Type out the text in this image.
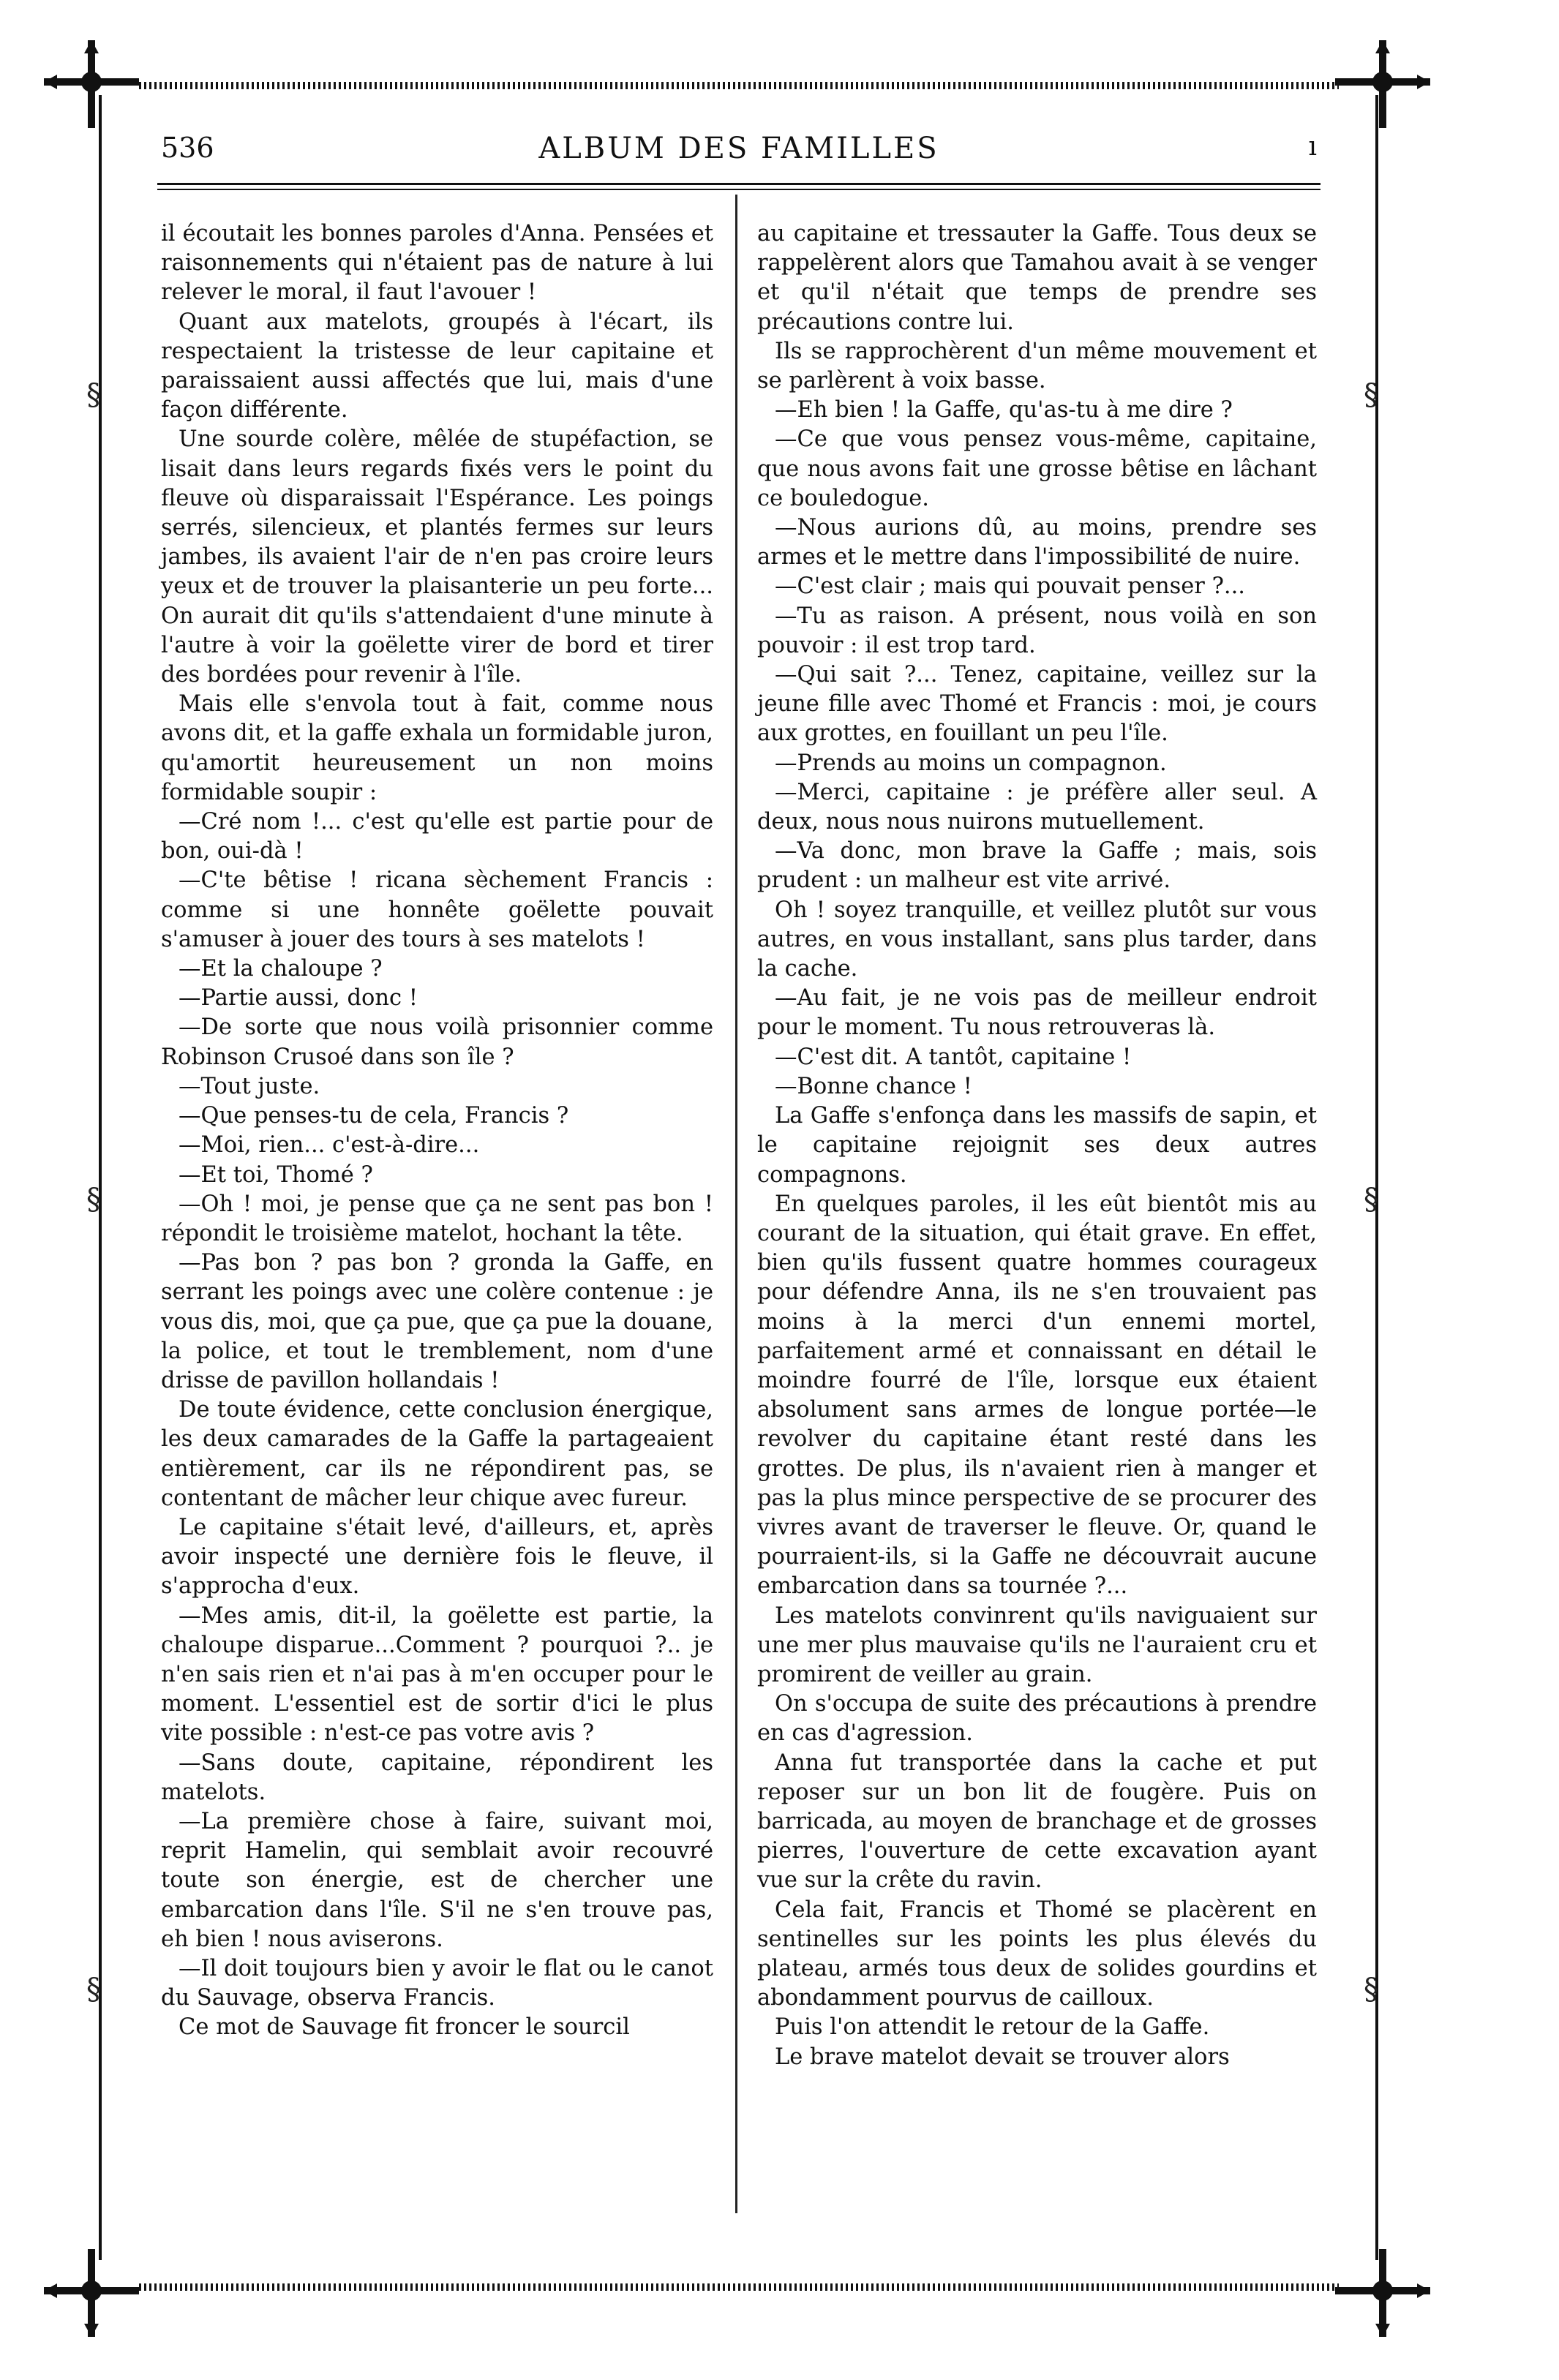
§
§
§
§
§
§
536	ALBUM DES FAMILLES	ı

il écoutait les bonnes paroles d'Anna. Pensées et raisonnements qui n'étaient pas de nature à lui relever le moral, il faut l'avouer !

Quant aux matelots, groupés à l'écart, ils respectaient la tristesse de leur capitaine et paraissaient aussi affectés que lui, mais d'une façon différente.

Une sourde colère, mêlée de stupéfaction, se lisait dans leurs regards fixés vers le point du fleuve où disparaissait l'Espérance. Les poings serrés, silencieux, et plantés fermes sur leurs jambes, ils avaient l'air de n'en pas croire leurs yeux et de trouver la plaisanterie un peu forte... On aurait dit qu'ils s'attendaient d'une minute à l'autre à voir la goëlette virer de bord et tirer des bordées pour revenir à l'île.

Mais elle s'envola tout à fait, comme nous avons dit, et la gaffe exhala un formidable juron, qu'amortit heureusement un non moins formidable soupir :

—Cré nom !... c'est qu'elle est partie pour de bon, oui-dà !

—C'te bêtise ! ricana sèchement Francis : comme si une honnête goëlette pouvait s'amuser à jouer des tours à ses matelots !

—Et la chaloupe ?

—Partie aussi, donc !

—De sorte que nous voilà prisonnier comme Robinson Crusoé dans son île ?

—Tout juste.

—Que penses-tu de cela, Francis ?

—Moi, rien... c'est-à-dire...

—Et toi, Thomé ?

—Oh ! moi, je pense que ça ne sent pas bon ! répondit le troisième matelot, hochant la tête.

—Pas bon ? pas bon ? gronda la Gaffe, en serrant les poings avec une colère contenue : je vous dis, moi, que ça pue, que ça pue la douane, la police, et tout le tremblement, nom d'une drisse de pavillon hollandais !

De toute évidence, cette conclusion énergique, les deux camarades de la Gaffe la partageaient entièrement, car ils ne répondirent pas, se contentant de mâcher leur chique avec fureur.

Le capitaine s'était levé, d'ailleurs, et, après avoir inspecté une dernière fois le fleuve, il s'approcha d'eux.

—Mes amis, dit-il, la goëlette est partie, la chaloupe disparue...Comment ? pourquoi ?.. je n'en sais rien et n'ai pas à m'en occuper pour le moment. L'essentiel est de sortir d'ici le plus vite possible : n'est-ce pas votre avis ?

—Sans doute, capitaine, répondirent les matelots.

—La première chose à faire, suivant moi, reprit Hamelin, qui semblait avoir recouvré toute son énergie, est de chercher une embarcation dans l'île. S'il ne s'en trouve pas, eh bien ! nous aviserons.

—Il doit toujours bien y avoir le flat ou le canot du Sauvage, observa Francis.

Ce mot de Sauvage fit froncer le sourcil

au capitaine et tressauter la Gaffe. Tous deux se rappelèrent alors que Tamahou avait à se venger et qu'il n'était que temps de prendre ses précautions contre lui.

Ils se rapprochèrent d'un même mouvement et se parlèrent à voix basse.

—Eh bien ! la Gaffe, qu'as-tu à me dire ?

—Ce que vous pensez vous-même, capitaine, que nous avons fait une grosse bêtise en lâchant ce bouledogue.

—Nous aurions dû, au moins, prendre ses armes et le mettre dans l'impossibilité de nuire.

—C'est clair ; mais qui pouvait penser ?...

—Tu as raison. A présent, nous voilà en son pouvoir : il est trop tard.

—Qui sait ?... Tenez, capitaine, veillez sur la jeune fille avec Thomé et Francis : moi, je cours aux grottes, en fouillant un peu l'île.

—Prends au moins un compagnon.

—Merci, capitaine : je préfère aller seul. A deux, nous nous nuirons mutuellement.

—Va donc, mon brave la Gaffe ; mais, sois prudent : un malheur est vite arrivé.

Oh ! soyez tranquille, et veillez plutôt sur vous autres, en vous installant, sans plus tarder, dans la cache.

—Au fait, je ne vois pas de meilleur endroit pour le moment. Tu nous retrouveras là.

—C'est dit. A tantôt, capitaine !

—Bonne chance !

La Gaffe s'enfonça dans les massifs de sapin, et le capitaine rejoignit ses deux autres compagnons.

En quelques paroles, il les eût bientôt mis au courant de la situation, qui était grave. En effet, bien qu'ils fussent quatre hommes courageux pour défendre Anna, ils ne s'en trouvaient pas moins à la merci d'un ennemi mortel, parfaitement armé et connaissant en détail le moindre fourré de l'île, lorsque eux étaient absolument sans armes de longue portée—le revolver du capitaine étant resté dans les grottes. De plus, ils n'avaient rien à manger et pas la plus mince perspective de se procurer des vivres avant de traverser le fleuve. Or, quand le pourraient-ils, si la Gaffe ne découvrait aucune embarcation dans sa tournée ?...

Les matelots convinrent qu'ils naviguaient sur une mer plus mauvaise qu'ils ne l'auraient cru et promirent de veiller au grain.

On s'occupa de suite des précautions à prendre en cas d'agression.

Anna fut transportée dans la cache et put reposer sur un bon lit de fougère. Puis on barricada, au moyen de branchage et de grosses pierres, l'ouverture de cette excavation ayant vue sur la crête du ravin.

Cela fait, Francis et Thomé se placèrent en sentinelles sur les points les plus élevés du plateau, armés tous deux de solides gourdins et abondamment pourvus de cailloux.

Puis l'on attendit le retour de la Gaffe.

Le brave matelot devait se trouver alors
